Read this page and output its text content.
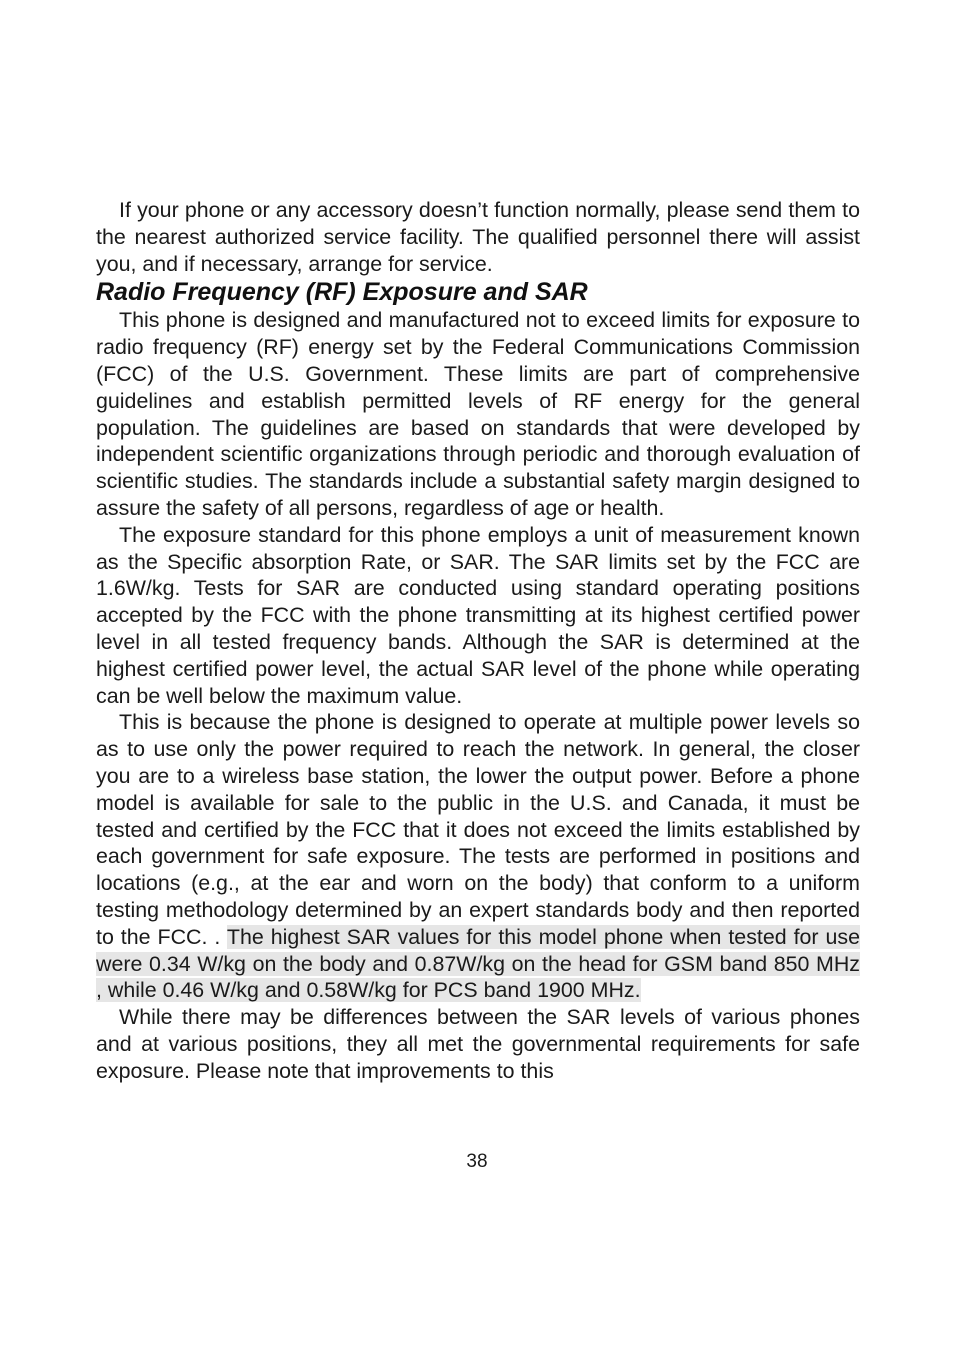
If your phone or any accessory doesn’t function normally, please send them to the nearest authorized service facility. The qualified personnel there will assist you, and if necessary, arrange for service.

Radio Frequency (RF) Exposure and SAR

This phone is designed and manufactured not to exceed limits for exposure to radio frequency (RF) energy set by the Federal Communications Commission (FCC) of the U.S. Government. These limits are part of comprehensive guidelines and establish permitted levels of RF energy for the general population. The guidelines are based on standards that were developed by independent scientific organizations through periodic and thorough evaluation of scientific studies. The standards include a substantial safety margin designed to assure the safety of all persons, regardless of age or health.

The exposure standard for this phone employs a unit of measurement known as the Specific absorption Rate, or SAR. The SAR limits set by the FCC are 1.6W/kg. Tests for SAR are conducted using standard operating positions accepted by the FCC with the phone transmitting at its highest certified power level in all tested frequency bands. Although the SAR is determined at the highest certified power level, the actual SAR level of the phone while operating can be well below the maximum value.

This is because the phone is designed to operate at multiple power levels so as to use only the power required to reach the network. In general, the closer you are to a wireless base station, the lower the output power. Before a phone model is available for sale to the public in the U.S. and Canada, it must be tested and certified by the FCC that it does not exceed the limits established by each government for safe exposure. The tests are performed in positions and locations (e.g., at the ear and worn on the body) that conform to a uniform testing methodology determined by an expert standards body and then reported to the FCC. . The highest SAR values for this model phone when tested for use were 0.34 W/kg on the body and 0.87W/kg on the head for GSM band 850 MHz , while 0.46 W/kg and 0.58W/kg for PCS band 1900 MHz.

While there may be differences between the SAR levels of various phones and at various positions, they all met the governmental requirements for safe exposure. Please note that improvements to this

38
